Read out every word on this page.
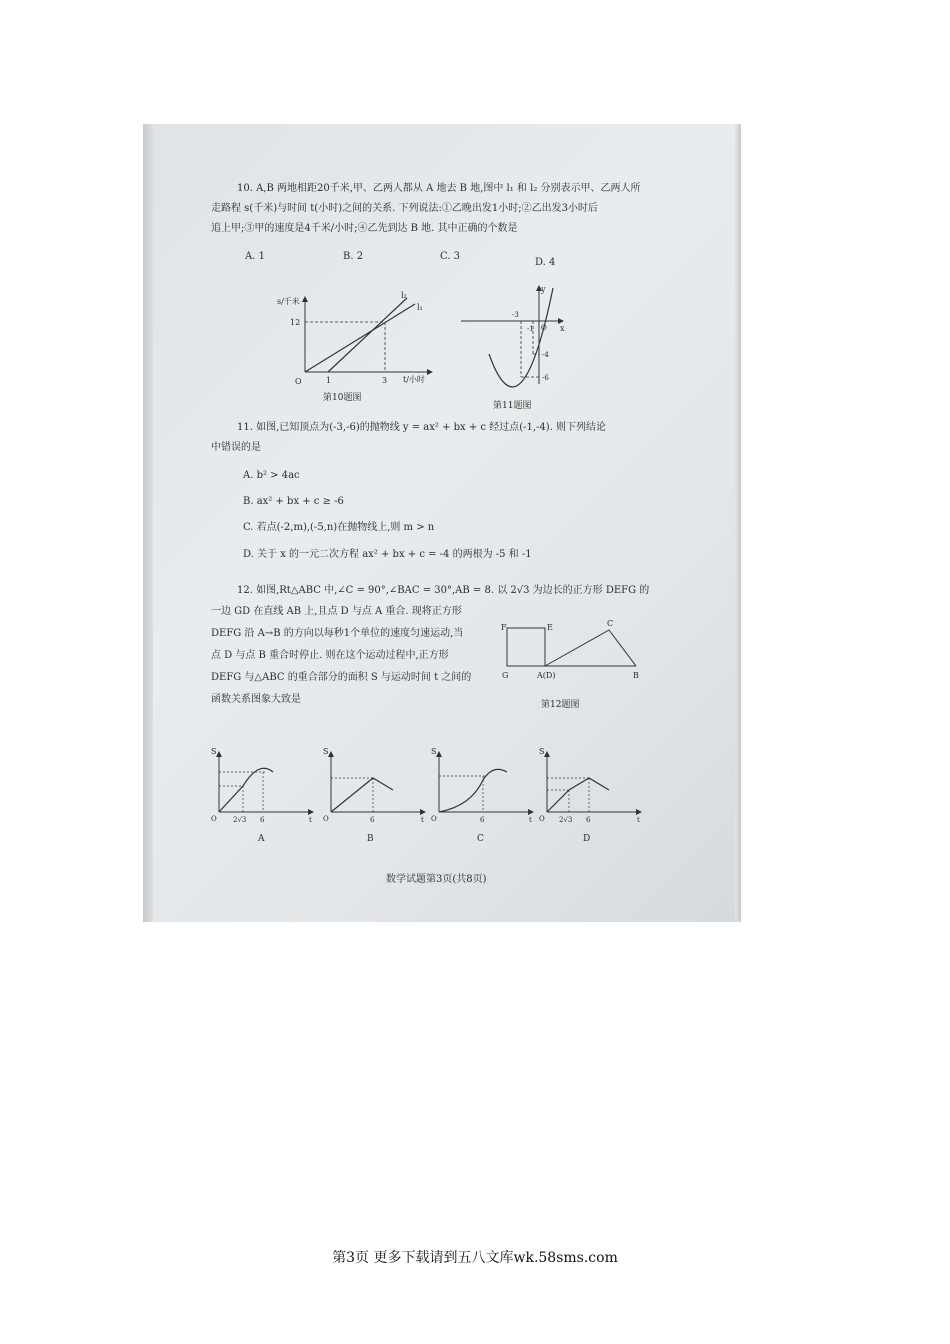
10. A,B 两地相距20千米,甲、乙两人都从 A 地去 B 地,图中 l₁ 和 l₂ 分别表示甲、乙两人所
走路程 s(千米)与时间 t(小时)之间的关系. 下列说法:①乙晚出发1小时;②乙出发3小时后
追上甲;③甲的速度是4千米/小时;④乙先到达 B 地. 其中正确的个数是
A. 1	B. 2	C. 3
D. 4
s/千米
12
O	1	3 t/小时
l₂
l₁
第10题图
y
x
-3
-1 O
-4
-6
第11题图
11. 如图,已知顶点为(-3,-6)的抛物线 y = ax² + bx + c 经过点(-1,-4). 则下列结论
中错误的是
A. b² > 4ac
B. ax² + bx + c ≥ -6
C. 若点(-2,m),(-5,n)在抛物线上,则 m > n
D. 关于 x 的一元二次方程 ax² + bx + c = -4 的两根为 -5 和 -1
12. 如图,Rt△ABC 中,∠C = 90°,∠BAC = 30°,AB = 8. 以 2√3 为边长的正方形 DEFG 的
一边 GD 在直线 AB 上,且点 D 与点 A 重合. 现将正方形
DEFG 沿 A→B 的方向以每秒1个单位的速度匀速运动,当
点 D 与点 B 重合时停止. 则在这个运动过程中,正方形
DEFG 与△ABC 的重合部分的面积 S 与运动时间 t 之间的
函数关系图象大致是
F	E	C
G	A(D)	B
第12题图
S
O 2√3 6	t
A
S
O	6	t
B
S
O	6	t
C
S
O 2√3 6	t
D
数学试题第3页(共8页)
第3页 更多下载请到五八文库wk.58sms.com
